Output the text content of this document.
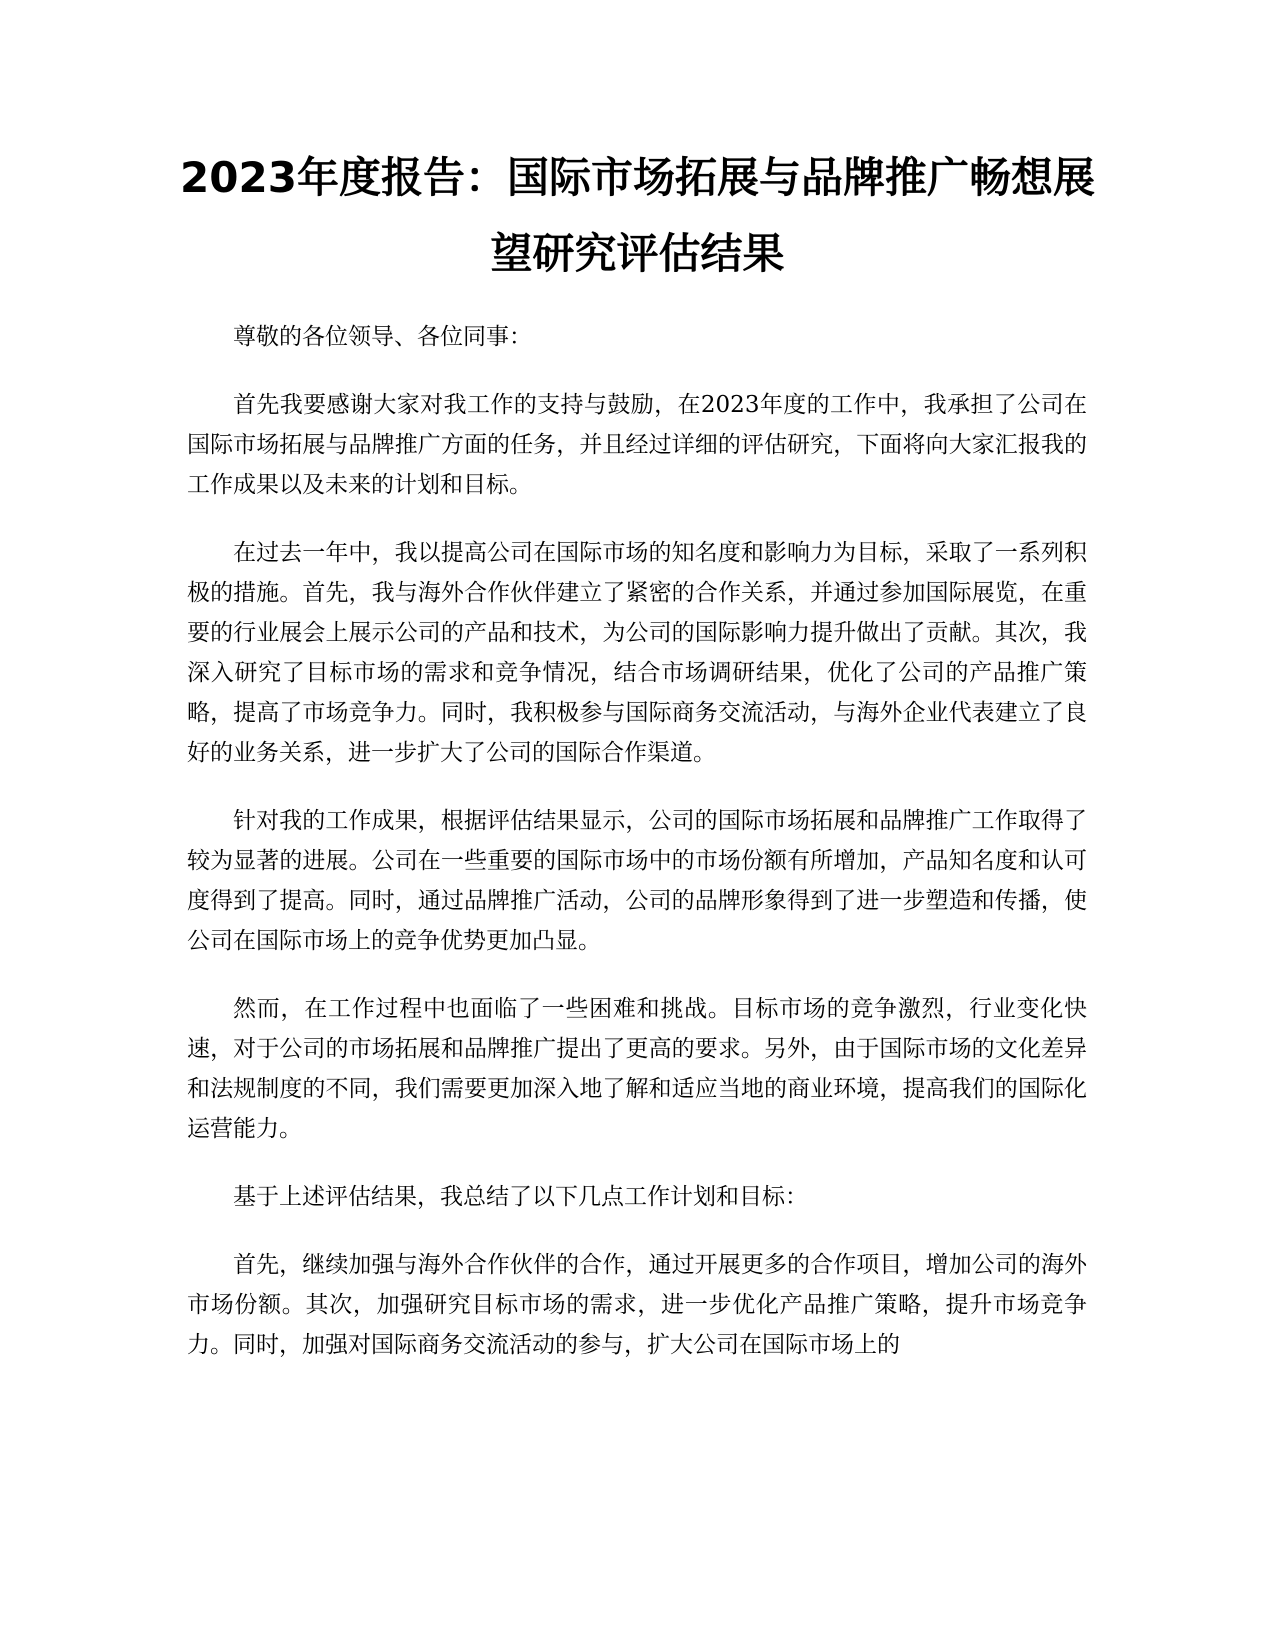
2023年度报告：国际市场拓展与品牌推广畅想展望研究评估结果

尊敬的各位领导、各位同事：

首先我要感谢大家对我工作的支持与鼓励，在2023年度的工作中，我承担了公司在国际市场拓展与品牌推广方面的任务，并且经过详细的评估研究，下面将向大家汇报我的工作成果以及未来的计划和目标。

在过去一年中，我以提高公司在国际市场的知名度和影响力为目标，采取了一系列积极的措施。首先，我与海外合作伙伴建立了紧密的合作关系，并通过参加国际展览，在重要的行业展会上展示公司的产品和技术，为公司的国际影响力提升做出了贡献。其次，我深入研究了目标市场的需求和竞争情况，结合市场调研结果，优化了公司的产品推广策略，提高了市场竞争力。同时，我积极参与国际商务交流活动，与海外企业代表建立了良好的业务关系，进一步扩大了公司的国际合作渠道。

针对我的工作成果，根据评估结果显示，公司的国际市场拓展和品牌推广工作取得了较为显著的进展。公司在一些重要的国际市场中的市场份额有所增加，产品知名度和认可度得到了提高。同时，通过品牌推广活动，公司的品牌形象得到了进一步塑造和传播，使公司在国际市场上的竞争优势更加凸显。

然而，在工作过程中也面临了一些困难和挑战。目标市场的竞争激烈，行业变化快速，对于公司的市场拓展和品牌推广提出了更高的要求。另外，由于国际市场的文化差异和法规制度的不同，我们需要更加深入地了解和适应当地的商业环境，提高我们的国际化运营能力。

基于上述评估结果，我总结了以下几点工作计划和目标：

首先，继续加强与海外合作伙伴的合作，通过开展更多的合作项目，增加公司的海外市场份额。其次，加强研究目标市场的需求，进一步优化产品推广策略，提升市场竞争力。同时，加强对国际商务交流活动的参与，扩大公司在国际市场上的
